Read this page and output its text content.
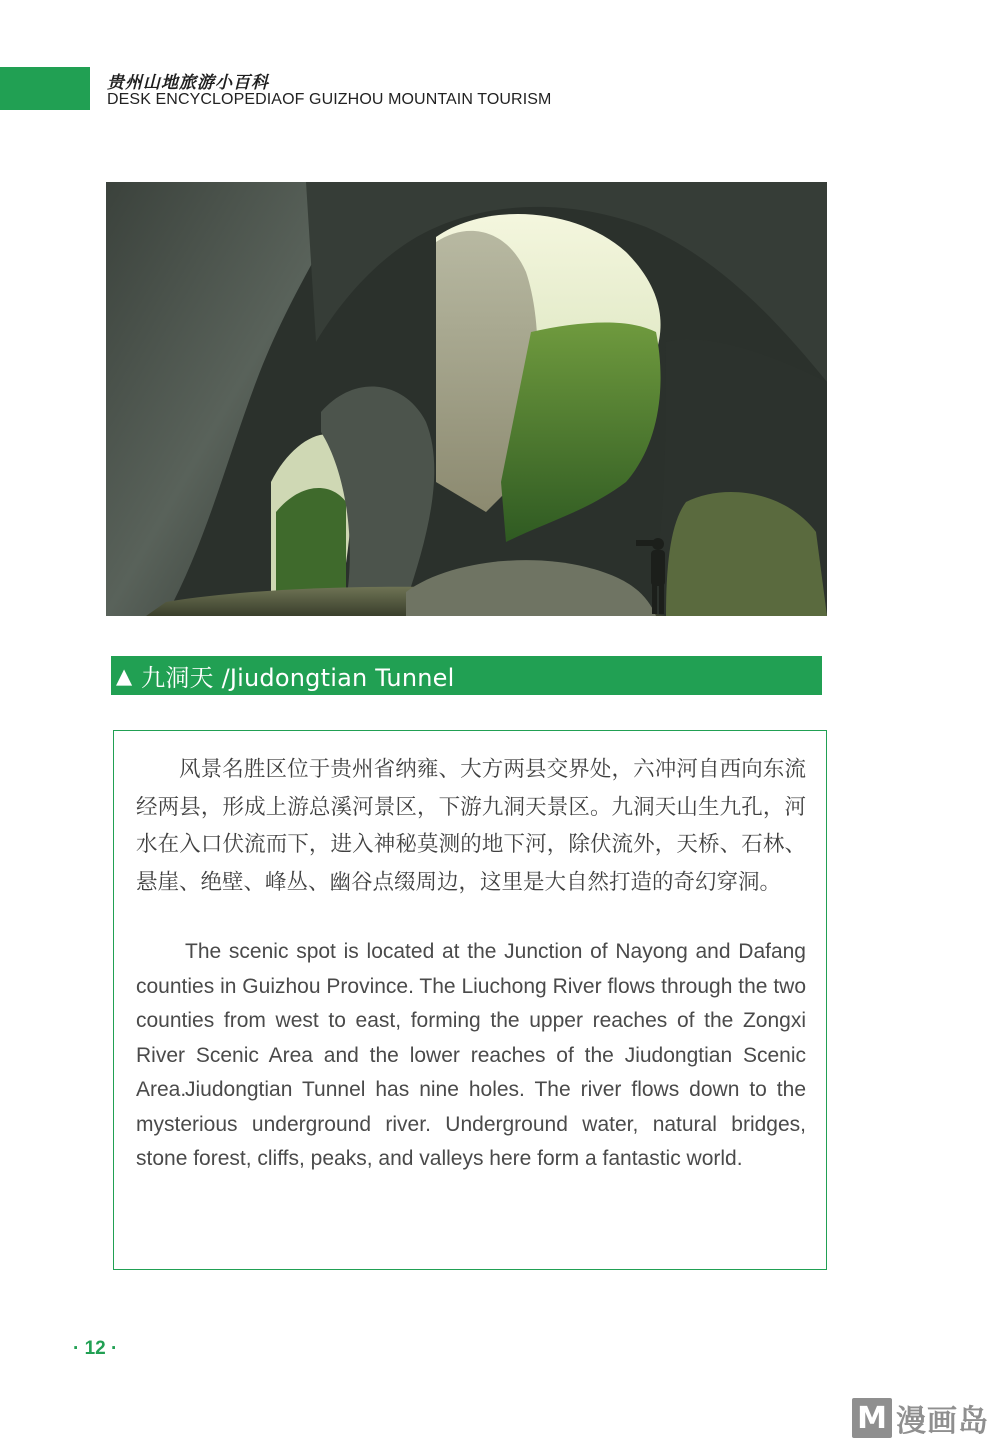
贵州山地旅游小百科
DESK ENCYCLOPEDIAOF GUIZHOU MOUNTAIN TOURISM
▲ 九洞天 /Jiudongtian Tunnel

风景名胜区位于贵州省纳雍、大方两县交界处，六冲河自西向东流经两县，形成上游总溪河景区，下游九洞天景区。九洞天山生九孔，河水在入口伏流而下，进入神秘莫测的地下河，除伏流外，天桥、石林、悬崖、绝壁、峰丛、幽谷点缀周边，这里是大自然打造的奇幻穿洞。

The scenic spot is located at the Junction of Nayong and Dafang counties in Guizhou Province. The Liuchong River flows through the two counties from west to east, forming the upper reaches of the Zongxi River Scenic Area and the lower reaches of the Jiudongtian Scenic Area.

Jiudongtian Tunnel has nine holes. The river flows down to the mysterious underground river. Underground water, natural bridges, stone forest, cliffs, peaks, and valleys here form a fantastic world.

· 12 ·
M 漫画岛
